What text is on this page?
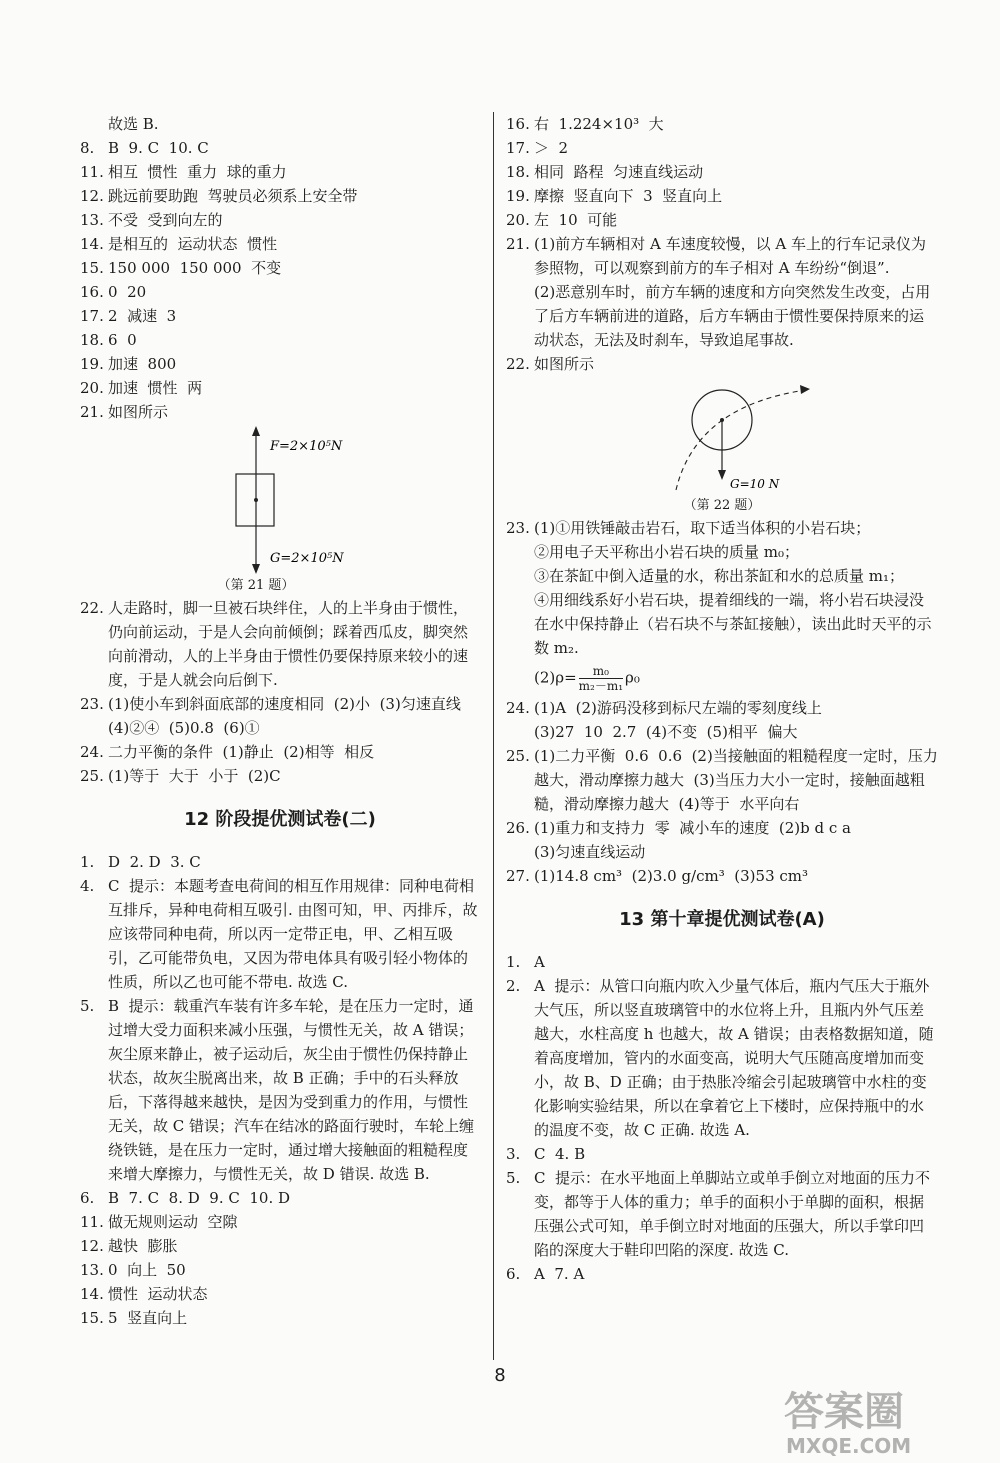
故选 B.
8. B  9. C  10. C
11. 相互  惯性  重力  球的重力
12. 跳远前要助跑  驾驶员必须系上安全带
13. 不受  受到向左的
14. 是相互的  运动状态  惯性
15. 150 000  150 000  不变
16. 0  20
17. 2  减速  3
18. 6  0
19. 加速  800
20. 加速  惯性  两
21. 如图所示
F=2×10⁵N
G=2×10⁵N
（第 21 题）
22. 人走路时，脚一旦被石块绊住，人的上半身由于惯性，仍向前运动，于是人会向前倾倒；踩着西瓜皮，脚突然向前滑动，人的上半身由于惯性仍要保持原来较小的速度，于是人就会向后倒下.
23. (1)使小车到斜面底部的速度相同  (2)小  (3)匀速直线  (4)②④  (5)0.8  (6)①
24. 二力平衡的条件  (1)静止  (2)相等  相反
25. (1)等于  大于  小于  (2)C
12 阶段提优测试卷(二)
1. D  2. D  3. C
4. C  提示：本题考查电荷间的相互作用规律：同种电荷相互排斥，异种电荷相互吸引. 由图可知，甲、丙排斥，故应该带同种电荷，所以丙一定带正电，甲、乙相互吸引，乙可能带负电，又因为带电体具有吸引轻小物体的性质，所以乙也可能不带电. 故选 C.
5. B  提示：载重汽车装有许多车轮，是在压力一定时，通过增大受力面积来减小压强，与惯性无关，故 A 错误；灰尘原来静止，被子运动后，灰尘由于惯性仍保持静止状态，故灰尘脱离出来，故 B 正确；手中的石头释放后，下落得越来越快，是因为受到重力的作用，与惯性无关，故 C 错误；汽车在结冰的路面行驶时，车轮上缠绕铁链，是在压力一定时，通过增大接触面的粗糙程度来增大摩擦力，与惯性无关，故 D 错误. 故选 B.
6. B  7. C  8. D  9. C  10. D
11. 做无规则运动  空隙
12. 越快  膨胀
13. 0  向上  50
14. 惯性  运动状态
15. 5  竖直向上
16. 右  1.224×10³  大
17. ＞  2
18. 相同  路程  匀速直线运动
19. 摩擦  竖直向下  3  竖直向上
20. 左  10  可能
21. (1)前方车辆相对 A 车速度较慢，以 A 车上的行车记录仪为参照物，可以观察到前方的车子相对 A 车纷纷“倒退”.
(2)恶意别车时，前方车辆的速度和方向突然发生改变，占用了后方车辆前进的道路，后方车辆由于惯性要保持原来的运动状态，无法及时刹车，导致追尾事故.
22. 如图所示
G=10 N
（第 22 题）
23. (1)①用铁锤敲击岩石，取下适当体积的小岩石块；
②用电子天平称出小岩石块的质量 m₀；
③在茶缸中倒入适量的水，称出茶缸和水的总质量 m₁；
④用细线系好小岩石块，提着细线的一端，将小岩石块浸没在水中保持静止（岩石块不与茶缸接触），读出此时天平的示数 m₂.
$(2)\rho= \frac{\text{m₀}}{\text{m₂－m₁}} \rho_0$
24. (1)A  (2)游码没移到标尺左端的零刻度线上
(3)27  10  2.7  (4)不变  (5)相平  偏大
25. (1)二力平衡  0.6  0.6  (2)当接触面的粗糙程度一定时，压力越大，滑动摩擦力越大  (3)当压力大小一定时，接触面越粗糙，滑动摩擦力越大  (4)等于  水平向右
26. (1)重力和支持力  零  减小车的速度  (2)b d c a
(3)匀速直线运动
27. (1)14.8 cm³  (2)3.0 g/cm³  (3)53 cm³
13 第十章提优测试卷(A)
1. A
2. A  提示：从管口向瓶内吹入少量气体后，瓶内气压大于瓶外大气压，所以竖直玻璃管中的水位将上升，且瓶内外气压差越大，水柱高度 h 也越大，故 A 错误；由表格数据知道，随着高度增加，管内的水面变高，说明大气压随高度增加而变小，故 B、D 正确；由于热胀冷缩会引起玻璃管中水柱的变化影响实验结果，所以在拿着它上下楼时，应保持瓶中的水的温度不变，故 C 正确. 故选 A.
3. C  4. B
5. C  提示：在水平地面上单脚站立或单手倒立对地面的压力不变，都等于人体的重力；单手的面积小于单脚的面积，根据压强公式可知，单手倒立时对地面的压强大，所以手掌印凹陷的深度大于鞋印凹陷的深度. 故选 C.
6. A  7. A
8
答案圈
MXQE.COM
